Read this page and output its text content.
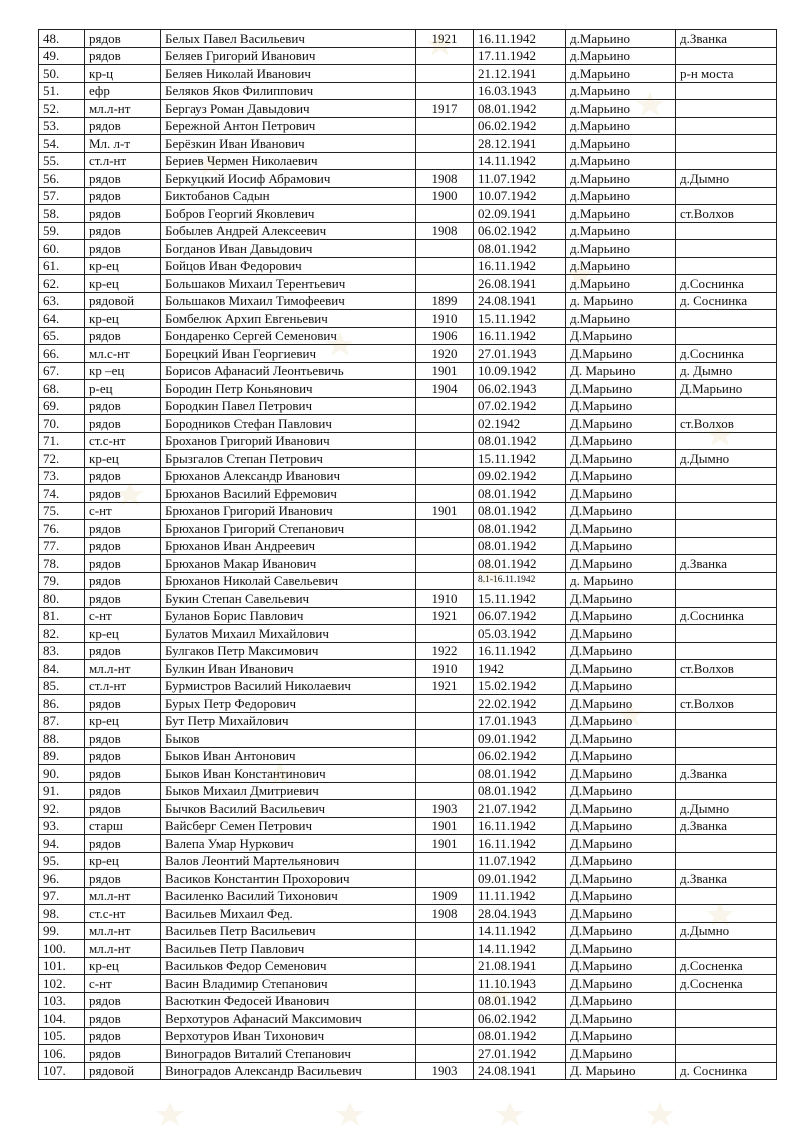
48.	рядов	Белых Павел Васильевич	1921	16.11.1942	д.Марьино	д.Званка
49.	рядов	Беляев Григорий Иванович		17.11.1942	д.Марьино	
50.	кр-ц	Беляев Николай Иванович		21.12.1941	д.Марьино	р-н моста
51.	ефр	Беляков Яков Филиппович		16.03.1943	д.Марьино	
52.	мл.л-нт	Бергауз Роман Давыдович	1917	08.01.1942	д.Марьино	
53.	рядов	Бережной Антон Петрович		06.02.1942	д.Марьино	
54.	Мл. л-т	Берёзкин Иван Иванович		28.12.1941	д.Марьино	
55.	ст.л-нт	Бериев Чермен Николаевич		14.11.1942	д.Марьино	
56.	рядов	Беркуцкий Иосиф Абрамович	1908	11.07.1942	д.Марьино	д.Дымно
57.	рядов	Биктобанов Садын	1900	10.07.1942	д.Марьино	
58.	рядов	Бобров Георгий Яковлевич		02.09.1941	д.Марьино	ст.Волхов
59.	рядов	Бобылев Андрей Алексеевич	1908	06.02.1942	д.Марьино	
60.	рядов	Богданов Иван Давыдович		08.01.1942	д.Марьино	
61.	кр-ец	Бойцов Иван Федорович		16.11.1942	д.Марьино	
62.	кр-ец	Большаков Михаил Терентьевич		26.08.1941	д.Марьино	д.Соснинка
63.	рядовой	Большаков Михаил Тимофеевич	1899	24.08.1941	д. Марьино	д. Соснинка
64.	кр-ец	Бомбелюк Архип Евгеньевич	1910	15.11.1942	д.Марьино	
65.	рядов	Бондаренко Сергей Семенович	1906	16.11.1942	Д.Марьино	
66.	мл.с-нт	Борецкий Иван Георгиевич	1920	27.01.1943	Д.Марьино	д.Соснинка
67.	кр –ец	Борисов Афанасий Леонтьевичь	1901	10.09.1942	Д. Марьино	д. Дымно
68.	р-ец	Бородин Петр Коньянович	1904	06.02.1943	Д.Марьино	Д.Марьино
69.	рядов	Бородкин Павел Петрович		07.02.1942	Д.Марьино	
70.	рядов	Бородников Стефан Павлович		02.1942	Д.Марьино	ст.Волхов
71.	ст.с-нт	Броханов Григорий Иванович		08.01.1942	Д.Марьино	
72.	кр-ец	Брызгалов Степан Петрович		15.11.1942	Д.Марьино	д.Дымно
73.	рядов	Брюханов Александр Иванович		09.02.1942	Д.Марьино	
74.	рядов	Брюханов Василий Ефремович		08.01.1942	Д.Марьино	
75.	с-нт	Брюханов Григорий Иванович	1901	08.01.1942	Д.Марьино	
76.	рядов	Брюханов Григорий Степанович		08.01.1942	Д.Марьино	
77.	рядов	Брюханов Иван Андреевич		08.01.1942	Д.Марьино	
78.	рядов	Брюханов Макар Иванович		08.01.1942	Д.Марьино	д.Званка
79.	рядов	Брюханов Николай Савельевич		8.1-16.11.1942	д. Марьино	
80.	рядов	Букин Степан Савельевич	1910	15.11.1942	Д.Марьино	
81.	с-нт	Буланов Борис Павлович	1921	06.07.1942	Д.Марьино	д.Соснинка
82.	кр-ец	Булатов Михаил Михайлович		05.03.1942	Д.Марьино	
83.	рядов	Булгаков Петр Максимович	1922	16.11.1942	Д.Марьино	
84.	мл.л-нт	Булкин Иван Иванович	1910	1942	Д.Марьино	ст.Волхов
85.	ст.л-нт	Бурмистров Василий Николаевич	1921	15.02.1942	Д.Марьино	
86.	рядов	Бурых Петр Федорович		22.02.1942	Д.Марьино	ст.Волхов
87.	кр-ец	Бут Петр Михайлович		17.01.1943	Д.Марьино	
88.	рядов	Быков		09.01.1942	Д.Марьино	
89.	рядов	Быков Иван Антонович		06.02.1942	Д.Марьино	
90.	рядов	Быков Иван Константинович		08.01.1942	Д.Марьино	д.Званка
91.	рядов	Быков Михаил Дмитриевич		08.01.1942	Д.Марьино	
92.	рядов	Бычков Василий Васильевич	1903	21.07.1942	Д.Марьино	д.Дымно
93.	старш	Вайсберг Семен Петрович	1901	16.11.1942	Д.Марьино	д.Званка
94.	рядов	Валепа Умар Нуркович	1901	16.11.1942	Д.Марьино	
95.	кр-ец	Валов Леонтий Мартельянович		11.07.1942	Д.Марьино	
96.	рядов	Васиков Константин Прохорович		09.01.1942	Д.Марьино	д.Званка
97.	мл.л-нт	Василенко Василий Тихонович	1909	11.11.1942	Д.Марьино	
98.	ст.с-нт	Васильев Михаил Фед.	1908	28.04.1943	Д.Марьино	
99.	мл.л-нт	Васильев Петр Васильевич		14.11.1942	Д.Марьино	д.Дымно
100.	мл.л-нт	Васильев Петр Павлович		14.11.1942	Д.Марьино	
101.	кр-ец	Васильков Федор Семенович		21.08.1941	Д.Марьино	д.Сосненка
102.	с-нт	Васин Владимир Степанович		11.10.1943	Д.Марьино	д.Сосненка
103.	рядов	Васюткин Федосей Иванович		08.01.1942	Д.Марьино	
104.	рядов	Верхотуров Афанасий Максимович		06.02.1942	Д.Марьино	
105.	рядов	Верхотуров Иван Тихонович		08.01.1942	Д.Марьино	
106.	рядов	Виноградов Виталий Степанович		27.01.1942	Д.Марьино	
107.	рядовой	Виноградов Александр Васильевич	1903	24.08.1941	Д. Марьино	д. Соснинка
